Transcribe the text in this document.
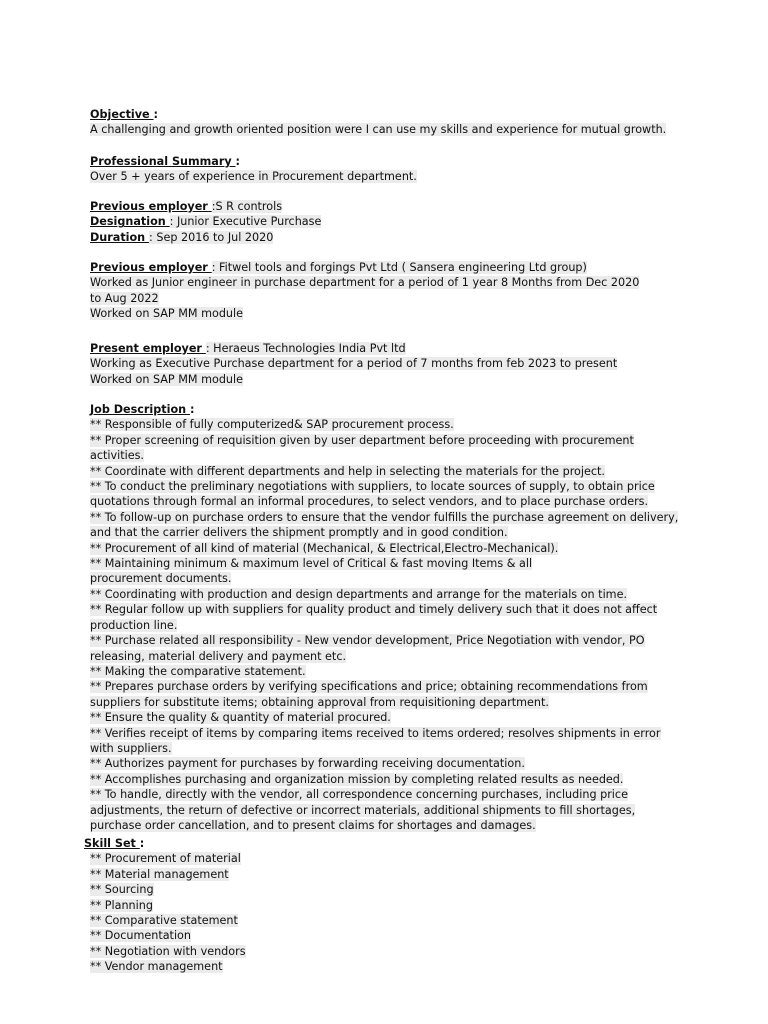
Objective :
A challenging and growth oriented position were I can use my skills and experience for mutual growth.
Professional Summary :
Over 5 + years of experience in Procurement department.
Previous employer :S R controls
Designation : Junior Executive Purchase
Duration : Sep 2016 to Jul 2020
Previous employer : Fitwel tools and forgings Pvt Ltd ( Sansera engineering Ltd group)
Worked as Junior engineer in purchase department for a period of 1 year 8 Months from Dec 2020
to Aug 2022
Worked on SAP MM module
Present employer : Heraeus Technologies India Pvt ltd
Working as Executive Purchase department for a period of 7 months from feb 2023 to present
Worked on SAP MM module
Job Description :
** Responsible of fully computerized& SAP procurement process.
** Proper screening of requisition given by user department before proceeding with procurement activities.
** Coordinate with different departments and help in selecting the materials for the project.
** To conduct the preliminary negotiations with suppliers, to locate sources of supply, to obtain price quotations through formal an informal procedures, to select vendors, and to place purchase orders.
** To follow-up on purchase orders to ensure that the vendor fulfills the purchase agreement on delivery, and that the carrier delivers the shipment promptly and in good condition.
** Procurement of all kind of material (Mechanical, & Electrical,Electro-Mechanical).
** Maintaining minimum & maximum level of Critical & fast moving Items & all procurement documents.
** Coordinating with production and design departments and arrange for the materials on time.
** Regular follow up with suppliers for quality product and timely delivery such that it does not affect production line.
** Purchase related all responsibility - New vendor development, Price Negotiation with vendor, PO releasing, material delivery and payment etc.
** Making the comparative statement.
** Prepares purchase orders by verifying specifications and price; obtaining recommendations from suppliers for substitute items; obtaining approval from requisitioning department.
** Ensure the quality & quantity of material procured.
** Verifies receipt of items by comparing items received to items ordered; resolves shipments in error with suppliers.
** Authorizes payment for purchases by forwarding receiving documentation.
** Accomplishes purchasing and organization mission by completing related results as needed.
** To handle, directly with the vendor, all correspondence concerning purchases, including price adjustments, the return of defective or incorrect materials, additional shipments to fill shortages, purchase order cancellation, and to present claims for shortages and damages.
Skill Set :
** Procurement of material
** Material management
** Sourcing
** Planning
** Comparative statement
** Documentation
** Negotiation with vendors
** Vendor management
